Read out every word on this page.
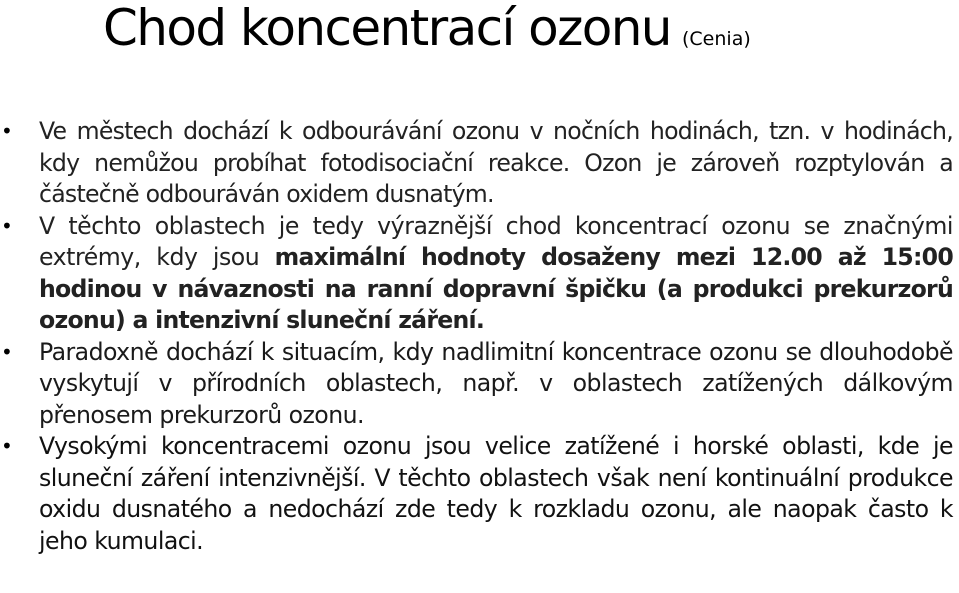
Chod koncentrací ozonu (Cenia)
• Ve městech dochází k odbourávání ozonu v nočních hodinách, tzn. v hodinách, kdy nemůžou probíhat fotodisociační reakce. Ozon je zároveň rozptylován a částečně odbouráván oxidem dusnatým.
• V těchto oblastech je tedy výraznější chod koncentrací ozonu se značnými extrémy, kdy jsou maximální hodnoty dosaženy mezi 12.00 až 15:00 hodinou v návaznosti na ranní dopravní špičku (a produkci prekurzorů ozonu) a intenzivní sluneční záření.
• Paradoxně dochází k situacím, kdy nadlimitní koncentrace ozonu se dlouhodobě vyskytují v přírodních oblastech, např. v oblastech zatížených dálkovým přenosem prekurzorů ozonu.
• Vysokými koncentracemi ozonu jsou velice zatížené i horské oblasti, kde je sluneční záření intenzivnější. V těchto oblastech však není kontinuální produkce oxidu dusnatého a nedochází zde tedy k rozkladu ozonu, ale naopak často k jeho kumulaci.
